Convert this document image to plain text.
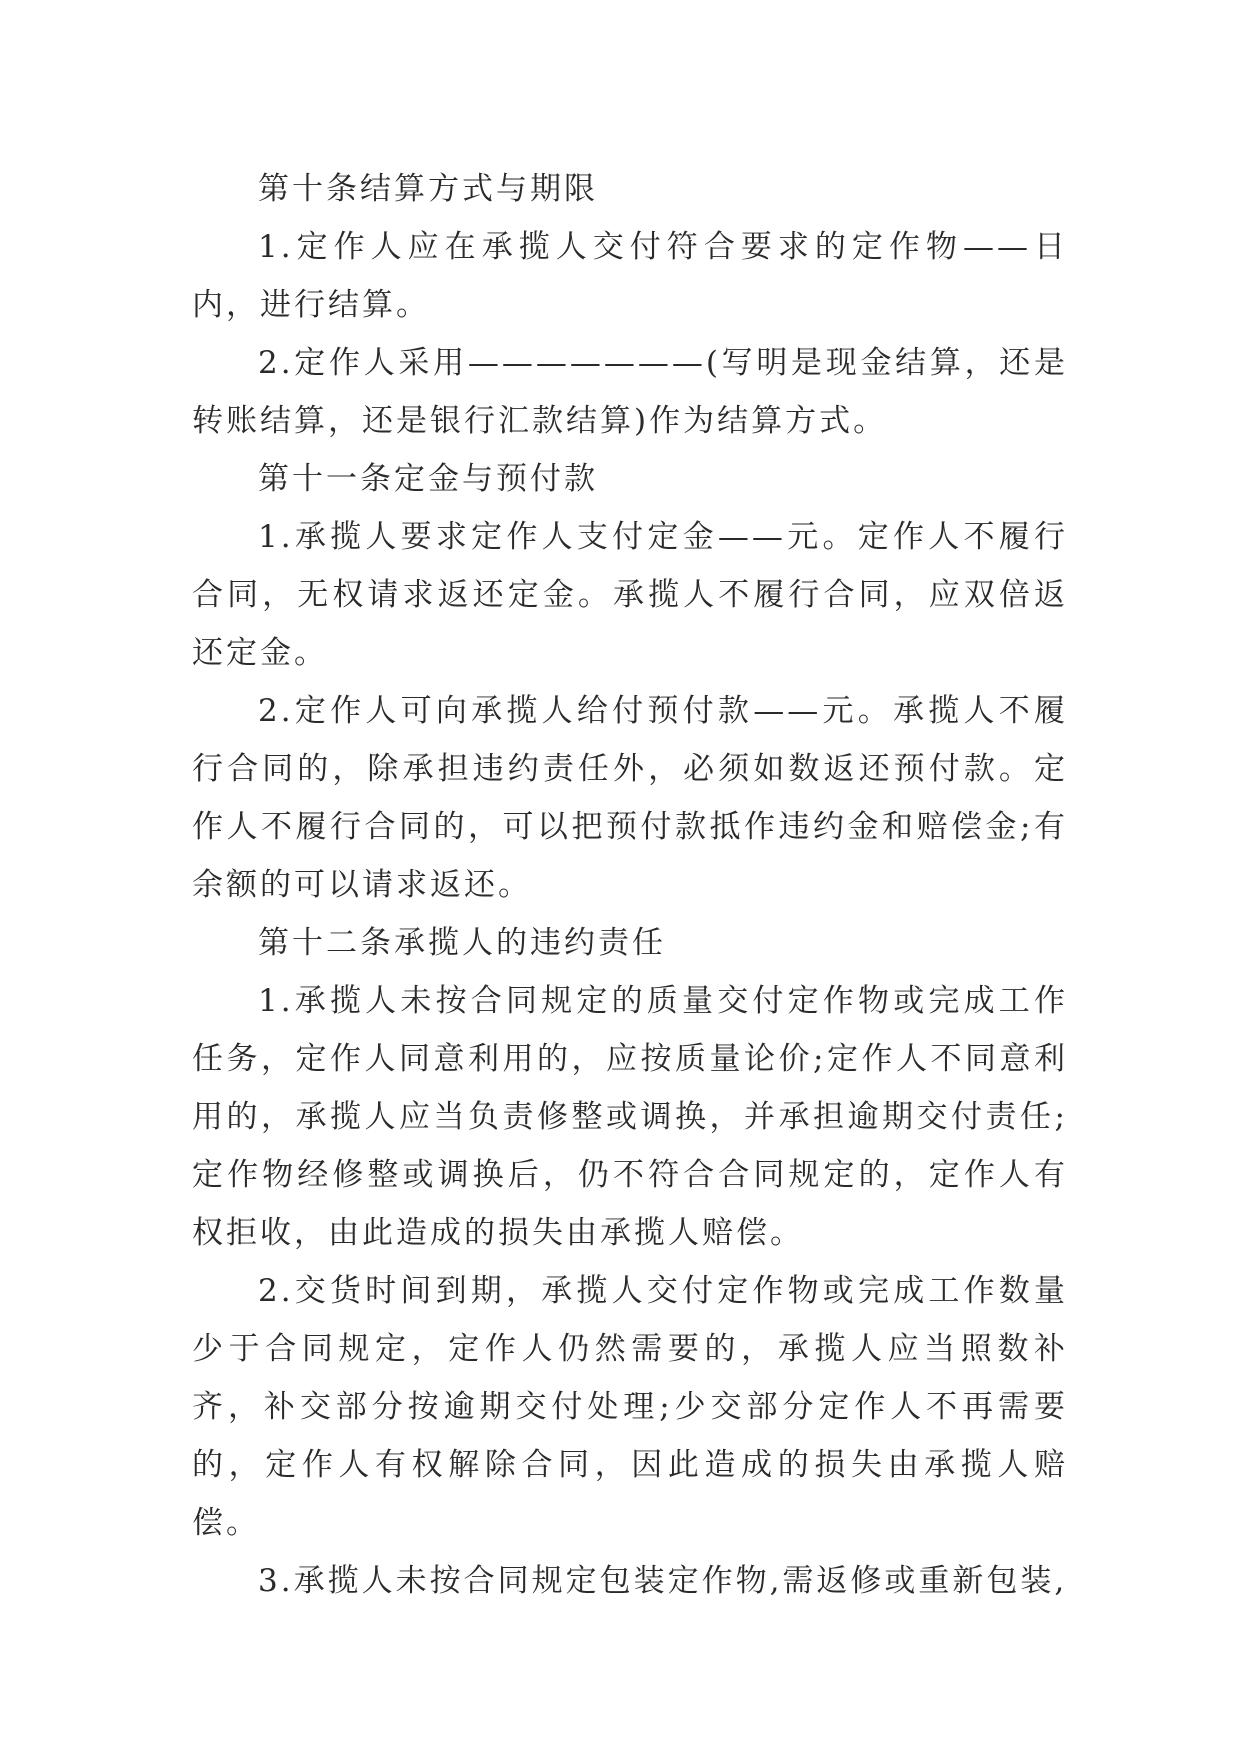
第十条结算方式与期限

1.定作人应在承揽人交付符合要求的定作物——日内，进行结算。

2.定作人采用———————(写明是现金结算，还是转账结算，还是银行汇款结算)作为结算方式。

第十一条定金与预付款

1.承揽人要求定作人支付定金——元。定作人不履行合同，无权请求返还定金。承揽人不履行合同，应双倍返还定金。

2.定作人可向承揽人给付预付款——元。承揽人不履行合同的，除承担违约责任外，必须如数返还预付款。定作人不履行合同的，可以把预付款抵作违约金和赔偿金;有余额的可以请求返还。

第十二条承揽人的违约责任

1.承揽人未按合同规定的质量交付定作物或完成工作任务，定作人同意利用的，应按质量论价;定作人不同意利用的，承揽人应当负责修整或调换，并承担逾期交付责任;定作物经修整或调换后，仍不符合合同规定的，定作人有权拒收，由此造成的损失由承揽人赔偿。

2.交货时间到期，承揽人交付定作物或完成工作数量少于合同规定，定作人仍然需要的，承揽人应当照数补齐，补交部分按逾期交付处理;少交部分定作人不再需要的，定作人有权解除合同，因此造成的损失由承揽人赔偿。

3.承揽人未按合同规定包装定作物,需返修或重新包装,
